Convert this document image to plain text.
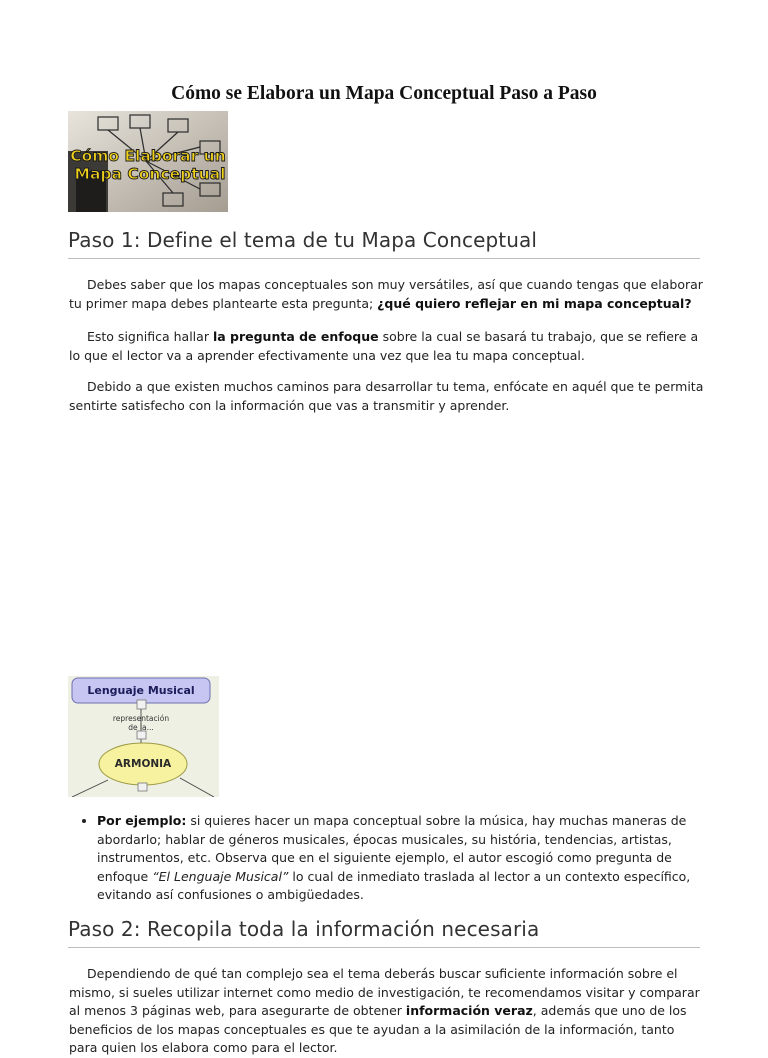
Cómo se Elabora un Mapa Conceptual Paso a Paso
Cómo Elaborar un
Mapa Conceptual
Paso 1: Define el tema de tu Mapa Conceptual

Debes saber que los mapas conceptuales son muy versátiles, así que cuando tengas que elaborar tu primer mapa debes plantearte esta pregunta; ¿qué quiero reflejar en mi mapa conceptual?

Esto significa hallar la pregunta de enfoque sobre la cual se basará tu trabajo, que se refiere a lo que el lector va a aprender efectivamente una vez que lea tu mapa conceptual.

Debido a que existen muchos caminos para desarrollar tu tema, enfócate en aquél que te permita sentirte satisfecho con la información que vas a transmitir y aprender.

Lenguaje Musical
representación
de la...
ARMONIA
• Por ejemplo: si quieres hacer un mapa conceptual sobre la música, hay muchas maneras de abordarlo; hablar de géneros musicales, épocas musicales, su história, tendencias, artistas, instrumentos, etc. Observa que en el siguiente ejemplo, el autor escogió como pregunta de enfoque “El Lenguaje Musical” lo cual de inmediato traslada al lector a un contexto específico, evitando así confusiones o ambigüedades.
Paso 2: Recopila toda la información necesaria

Dependiendo de qué tan complejo sea el tema deberás buscar suficiente información sobre el mismo, si sueles utilizar internet como medio de investigación, te recomendamos visitar y comparar al menos 3 páginas web, para asegurarte de obtener información veraz, además que uno de los beneficios de los mapas conceptuales es que te ayudan a la asimilación de la información, tanto para quien los elabora como para el lector.
